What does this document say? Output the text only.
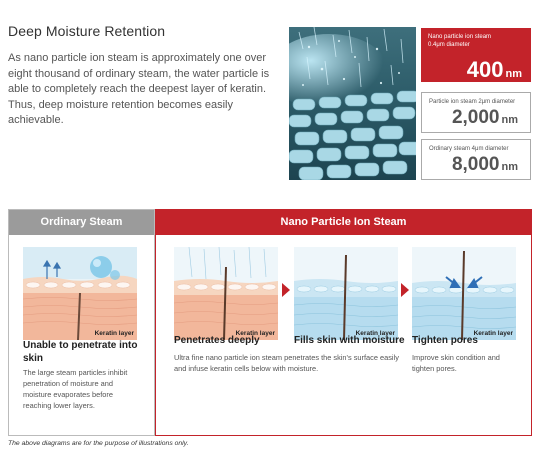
Deep Moisture Retention
As nano particle ion steam is approximately one over eight thousand of ordinary steam, the water particle is able to completely reach the deepest layer of keratin. Thus, deep moisture retention becomes easily achievable.
Nano particle ion steam
0.4μm diameter
400 nm
Particle ion steam 2μm diameter
2,000 nm
Ordinary steam 4μm diameter
8,000 nm
Ordinary Steam
Keratin layer
Unable to penetrate into skin
The large steam particles inhibit penetration of moisture and moisture evaporates before reaching lower layers.
Nano Particle Ion Steam
Keratin layer	Keratin layer	Keratin layer
Penetrates deeply	Fills skin with moisture Tighten pores
Ultra fine nano particle ion steam penetrates the skin's surface easily and infuse keratin cells below with moisture.
Improve skin condition and tighten pores.
The above diagrams are for the purpose of illustrations only.
